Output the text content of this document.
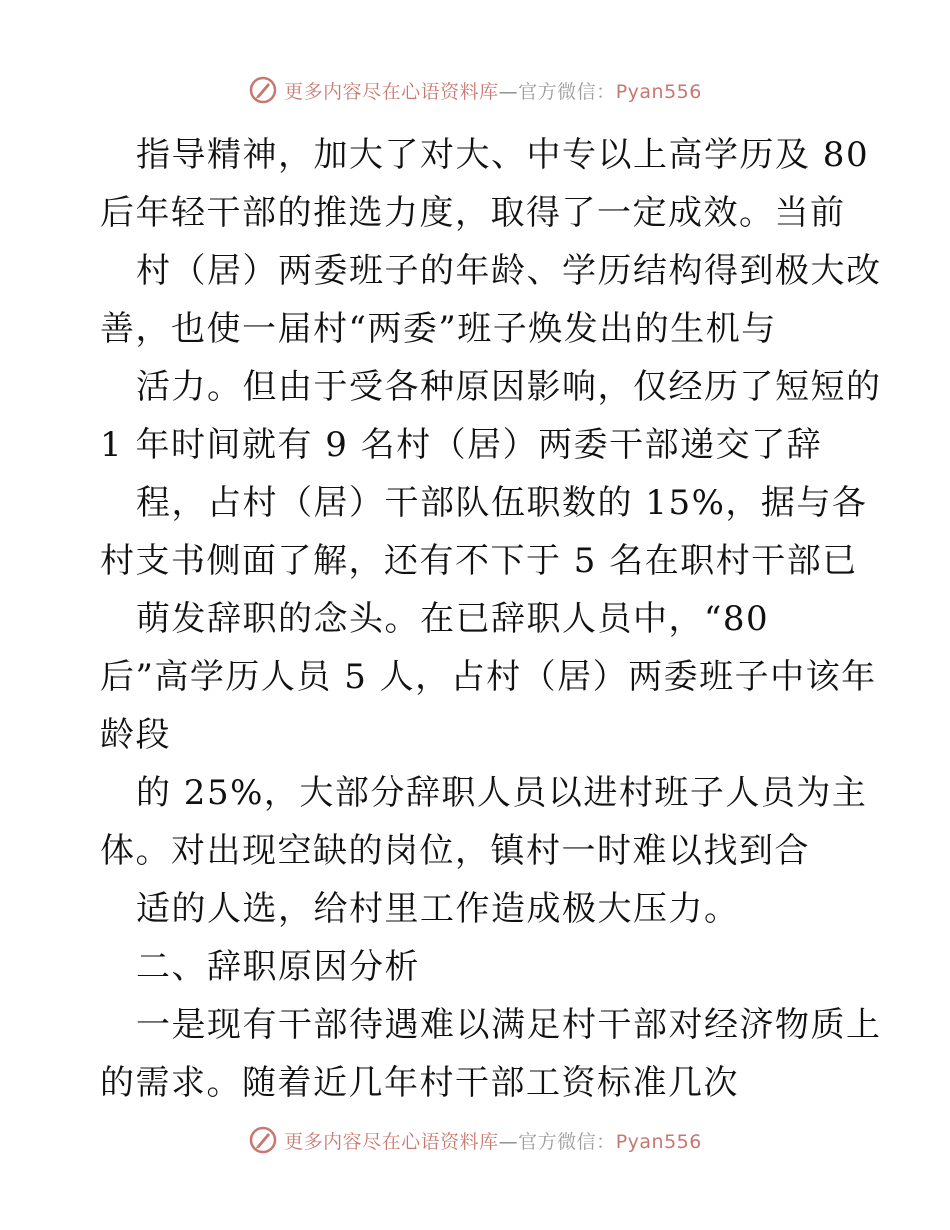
更多内容尽在心语资料库—官方微信：Pyan556
指导精神，加大了对大、中专以上高学历及 80
后年轻干部的推选力度，取得了一定成效。当前
村（居）两委班子的年龄、学历结构得到极大改
善，也使一届村“两委”班子焕发出的生机与
活力。但由于受各种原因影响，仅经历了短短的
1 年时间就有 9 名村（居）两委干部递交了辞
程，占村（居）干部队伍职数的 15%，据与各
村支书侧面了解，还有不下于 5 名在职村干部已
萌发辞职的念头。在已辞职人员中，“80
后”高学历人员 5 人，占村（居）两委班子中该年
龄段
的 25%，大部分辞职人员以进村班子人员为主
体。对出现空缺的岗位，镇村一时难以找到合
适的人选，给村里工作造成极大压力。
二、辞职原因分析
一是现有干部待遇难以满足村干部对经济物质上
的需求。随着近几年村干部工资标准几次
更多内容尽在心语资料库—官方微信：Pyan556
